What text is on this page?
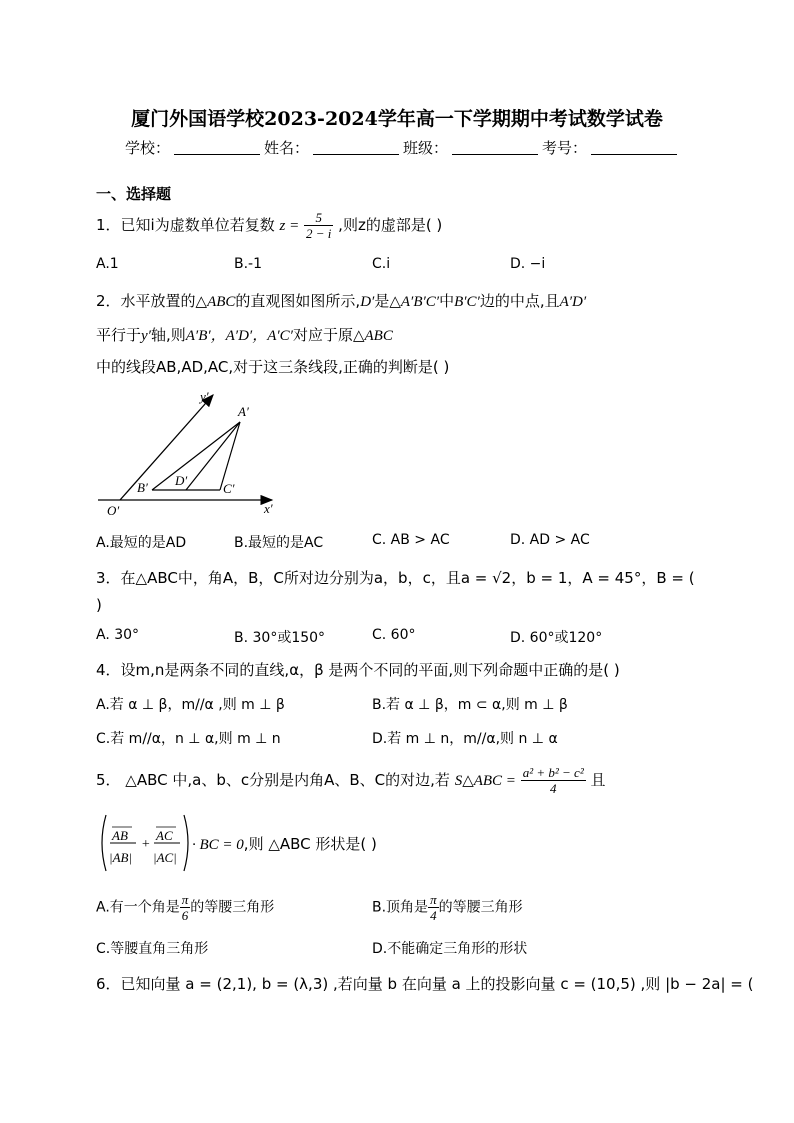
厦门外国语学校2023-2024学年高一下学期期中考试数学试卷
学校：	姓名：	班级：	考号：
一、选择题
1．已知i为虚数单位若复数 $z = \frac{5}{2 - i}$ ,则z的虚部是( )
A.1	B.-1	C.i	D. −i
2．水平放置的△ABC的直观图如图所示,D′是△A′B′C′中B′C′边的中点,且A′D′
平行于y′轴,则A′B′，A′D′，A′C′对应于原△ABC
中的线段AB,AD,AC,对于这三条线段,正确的判断是( )
y′
x′
O′
A′
B′	C′
D′
A.最短的是AD	B.最短的是AC	C. AB > AC	D. AD > AC
3．在△ABC中，角A，B，C所对边分别为a，b，c，且a = √2，b = 1，A = 45°，B = (
)
A. 30°	B. 30°或150°	C. 60°	D. 60°或120°
4．设m,n是两条不同的直线,α，β 是两个不同的平面,则下列命题中正确的是( )
A.若 α ⊥ β，m//α ,则 m ⊥ β	B.若 α ⊥ β，m ⊂ α,则 m ⊥ β
C.若 m//α，n ⊥ α,则 m ⊥ n	D.若 m ⊥ n，m//α,则 n ⊥ α
5． △ABC 中,a、b、c分别是内角A、B、C的对边,若 S△ABC = $\frac{\text{a² + b² − c²}}{4}$ 且
AB
|AB|
+
AC
|AC|
· BC = 0,则 △ABC 形状是( )
A.有一个角是 $\frac{\pi}{6}$ 的等腰三角形	B.顶角是 $\frac{\pi}{4}$ 的等腰三角形
C.等腰直角三角形	D.不能确定三角形的形状
6．已知向量 a = (2,1), b = (λ,3) ,若向量 b 在向量 a 上的投影向量 c = (10,5) ,则 |b − 2a| = (
